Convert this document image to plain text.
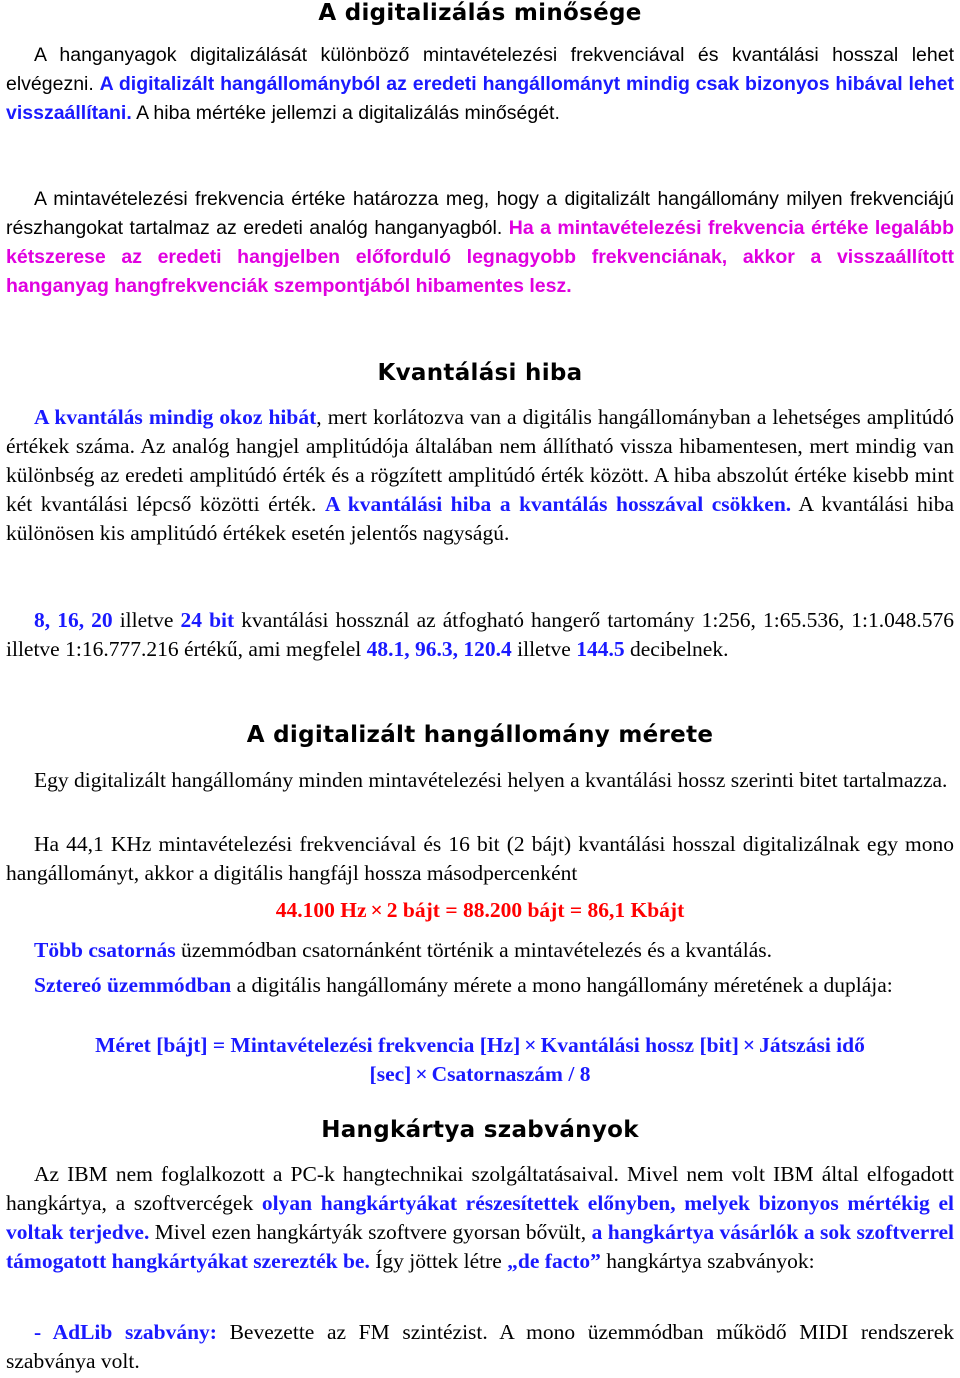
A digitalizálás minősége
A hanganyagok digitalizálását különböző mintavételezési frekvenciával és kvantálási hosszal lehet elvégezni. A digitalizált hangállományból az eredeti hangállományt mindig csak bizonyos hibával lehet visszaállítani. A hiba mértéke jellemzi a digitalizálás minőségét.
A mintavételezési frekvencia értéke határozza meg, hogy a digitalizált hangállomány milyen frekvenciájú részhangokat tartalmaz az eredeti analóg hanganyagból. Ha a mintavételezési frekvencia értéke legalább kétszerese az eredeti hangjelben előforduló legnagyobb frekvenciának, akkor a visszaállított hanganyag hangfrekvenciák szempontjából hibamentes lesz.
Kvantálási hiba
A kvantálás mindig okoz hibát, mert korlátozva van a digitális hangállományban a lehetséges amplitúdó értékek száma. Az analóg hangjel amplitúdója általában nem állítható vissza hibamentesen, mert mindig van különbség az eredeti amplitúdó érték és a rögzített amplitúdó érték között. A hiba abszolút értéke kisebb mint két kvantálási lépcső közötti érték. A kvantálási hiba a kvantálás hosszával csökken. A kvantálási hiba különösen kis amplitúdó értékek esetén jelentős nagyságú.
8, 16, 20 illetve 24 bit kvantálási hossznál az átfogható hangerő tartomány 1:256, 1:65.536, 1:1.048.576 illetve 1:16.777.216 értékű, ami megfelel 48.1, 96.3, 120.4 illetve 144.5 decibelnek.
A digitalizált hangállomány mérete
Egy digitalizált hangállomány minden mintavételezési helyen a kvantálási hossz szerinti bitet tartalmazza.
Ha 44,1 KHz mintavételezési frekvenciával és 16 bit (2 bájt) kvantálási hosszal digitalizálnak egy mono hangállományt, akkor a digitális hangfájl hossza másodpercenként
44.100 Hz × 2 bájt = 88.200 bájt = 86,1 Kbájt
Több csatornás üzemmódban csatornánként történik a mintavételezés és a kvantálás.
Sztereó üzemmódban a digitális hangállomány mérete a mono hangállomány méretének a duplája:
Méret [bájt] = Mintavételezési frekvencia [Hz] × Kvantálási hossz [bit] × Játszási idő
[sec] × Csatornaszám / 8
Hangkártya szabványok
Az IBM nem foglalkozott a PC-k hangtechnikai szolgáltatásaival. Mivel nem volt IBM által elfogadott hangkártya, a szoftvercégek olyan hangkártyákat részesítettek előnyben, melyek bizonyos mértékig el voltak terjedve. Mivel ezen hangkártyák szoftvere gyorsan bővült, a hangkártya vásárlók a sok szoftverrel támogatott hangkártyákat szerezték be. Így jöttek létre „de facto” hangkártya szabványok:
- AdLib szabvány: Bevezette az FM szintézist. A mono üzemmódban működő MIDI rendszerek szabványa volt.
